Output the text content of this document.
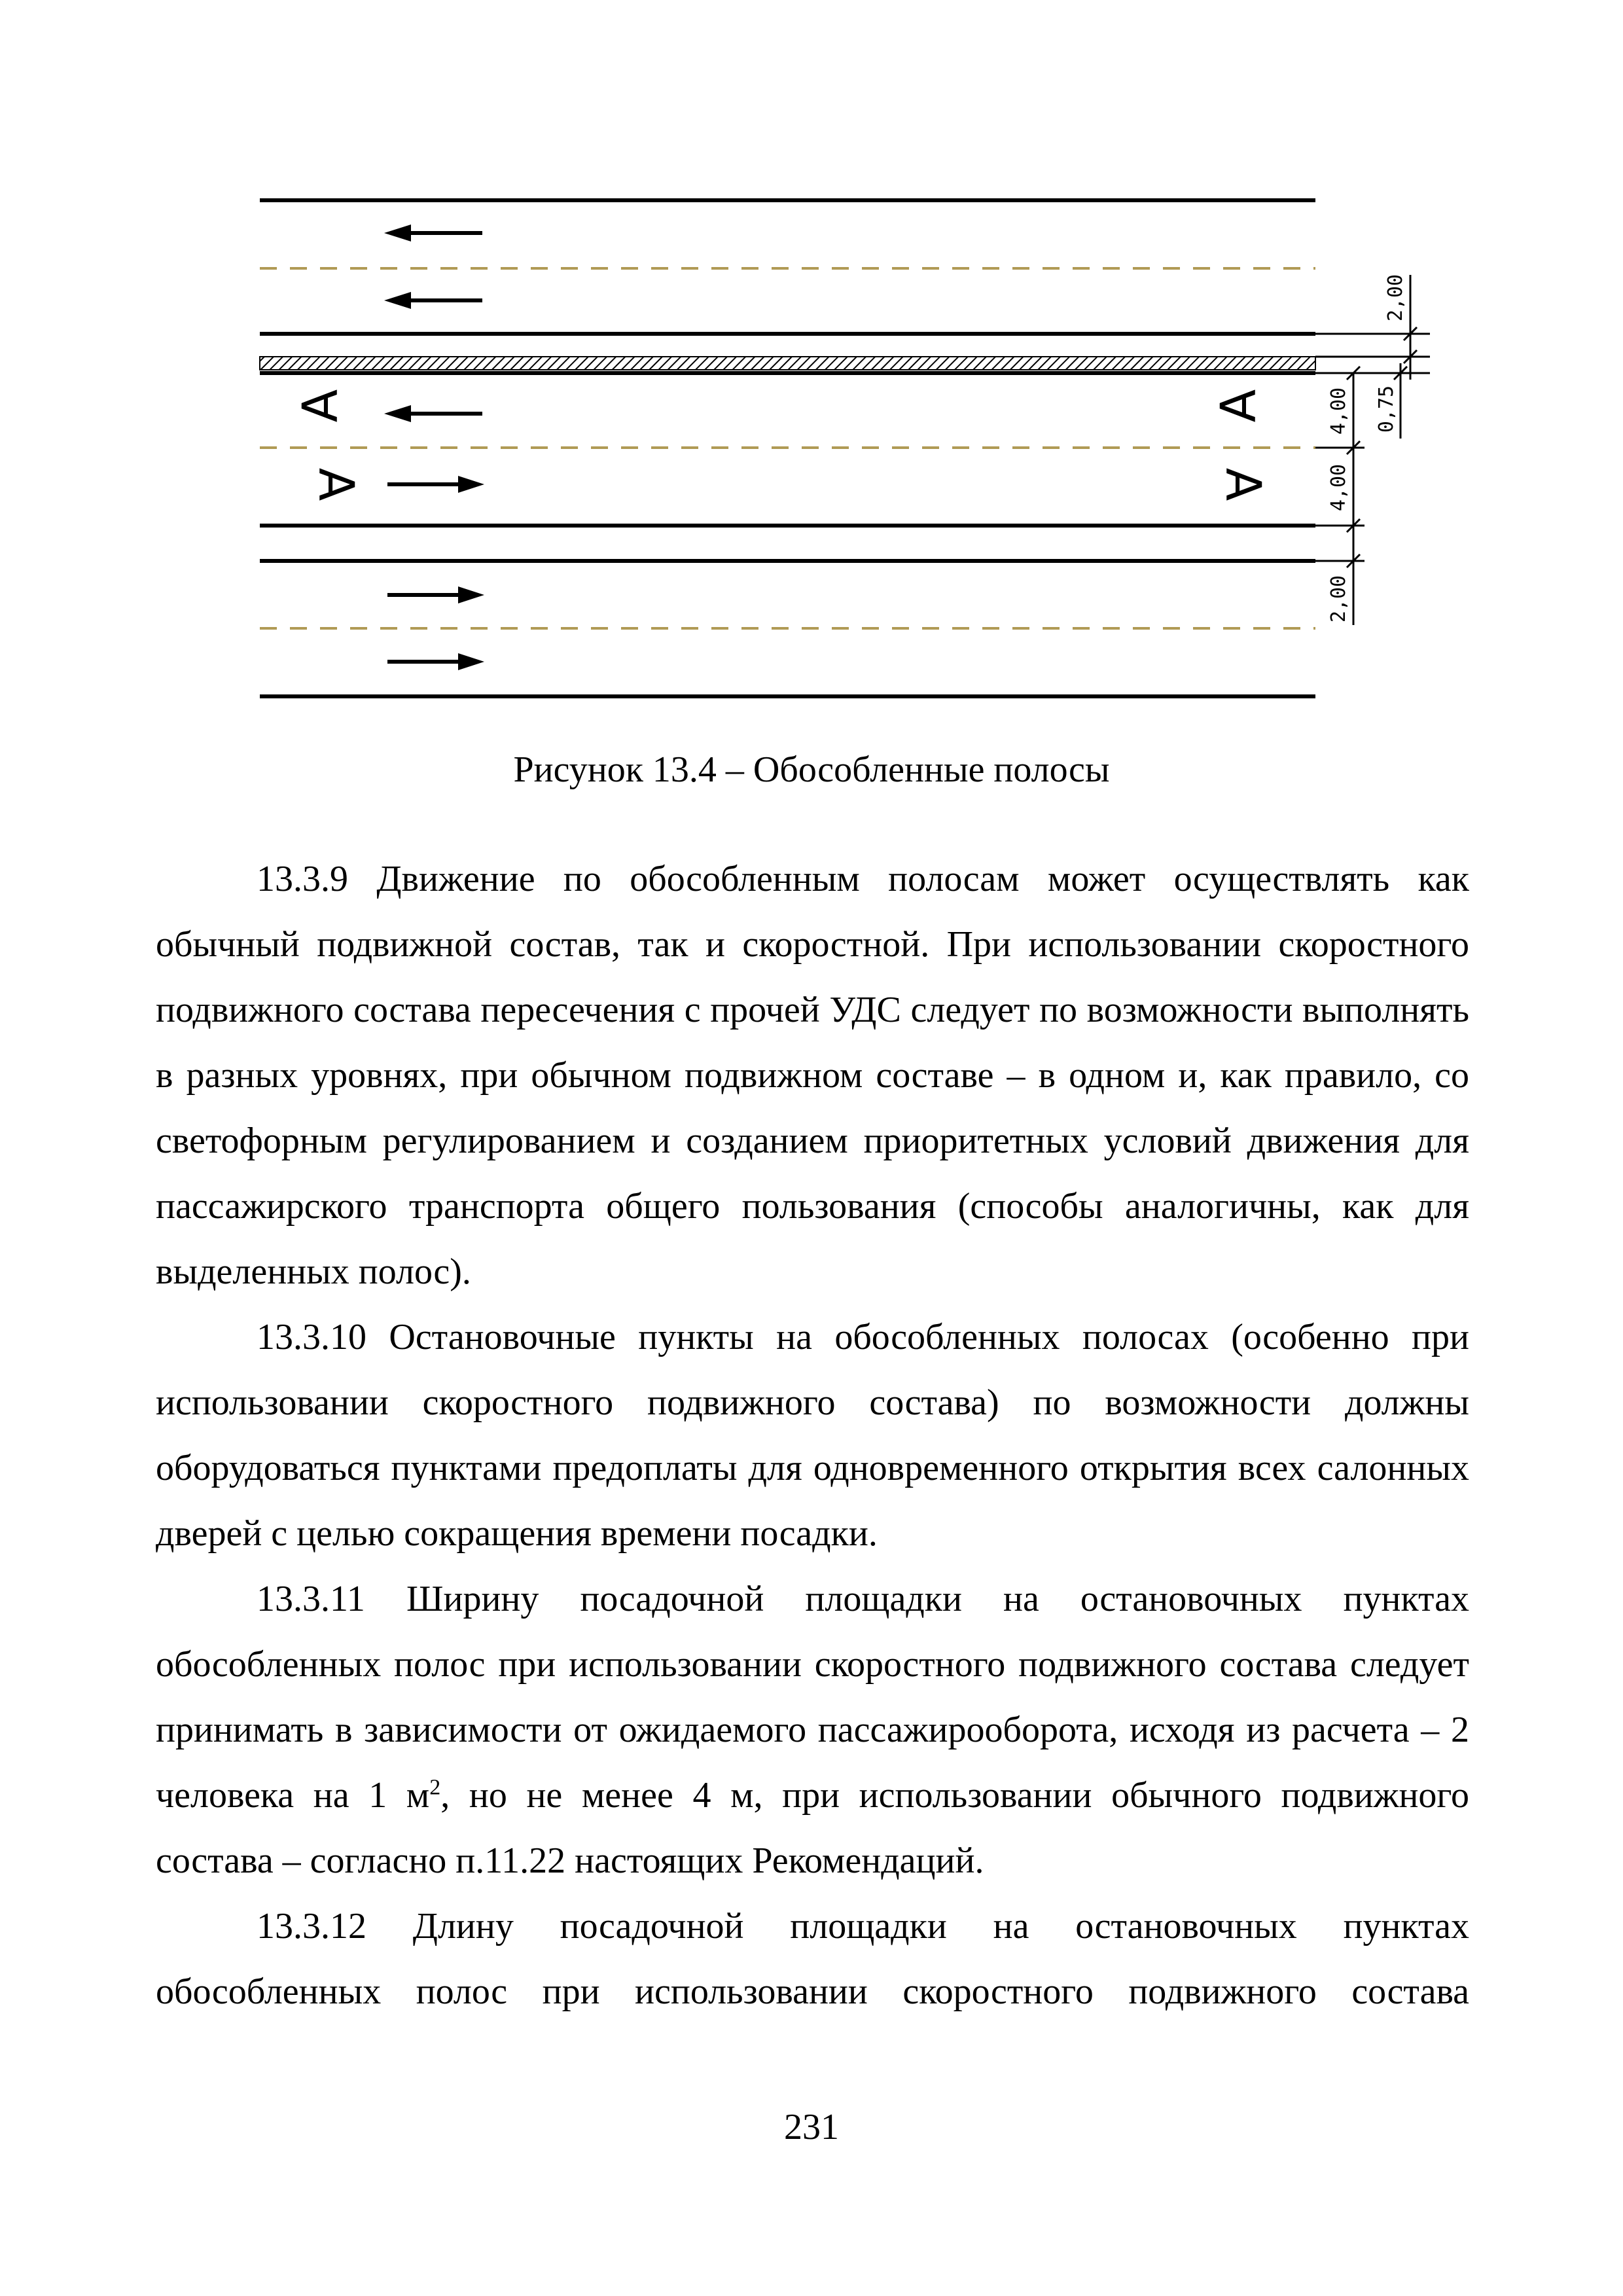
A
A
A
A
2,00
0,75
4,00
4,00
2,00
Рисунок 13.4 – Обособленные полосы

13.3.9 Движение по обособленным полосам может осуществлять как обычный подвижной состав, так и скоростной. При использовании скоростного подвижного состава пересечения с прочей УДС следует по возможности выполнять в разных уровнях, при обычном подвижном составе – в одном и, как правило, со светофорным регулированием и созданием приоритетных условий движения для пассажирского транспорта общего пользования (способы аналогичны, как для выделенных полос).

13.3.10 Остановочные пункты на обособленных полосах (особенно при использовании скоростного подвижного состава) по возможности должны оборудоваться пунктами предоплаты для одновременного открытия всех салонных дверей с целью сокращения времени посадки.

13.3.11 Ширину посадочной площадки на остановочных пунктах обособленных полос при использовании скоростного подвижного состава следует принимать в зависимости от ожидаемого пассажирооборота, исходя из расчета – 2 человека на 1 $м^2$, но не менее 4 м, при использовании обычного подвижного состава – согласно п.11.22 настоящих Рекомендаций.

13.3.12 Длину посадочной площадки на остановочных пунктах обособленных полос при использовании скоростного подвижного состава

231
